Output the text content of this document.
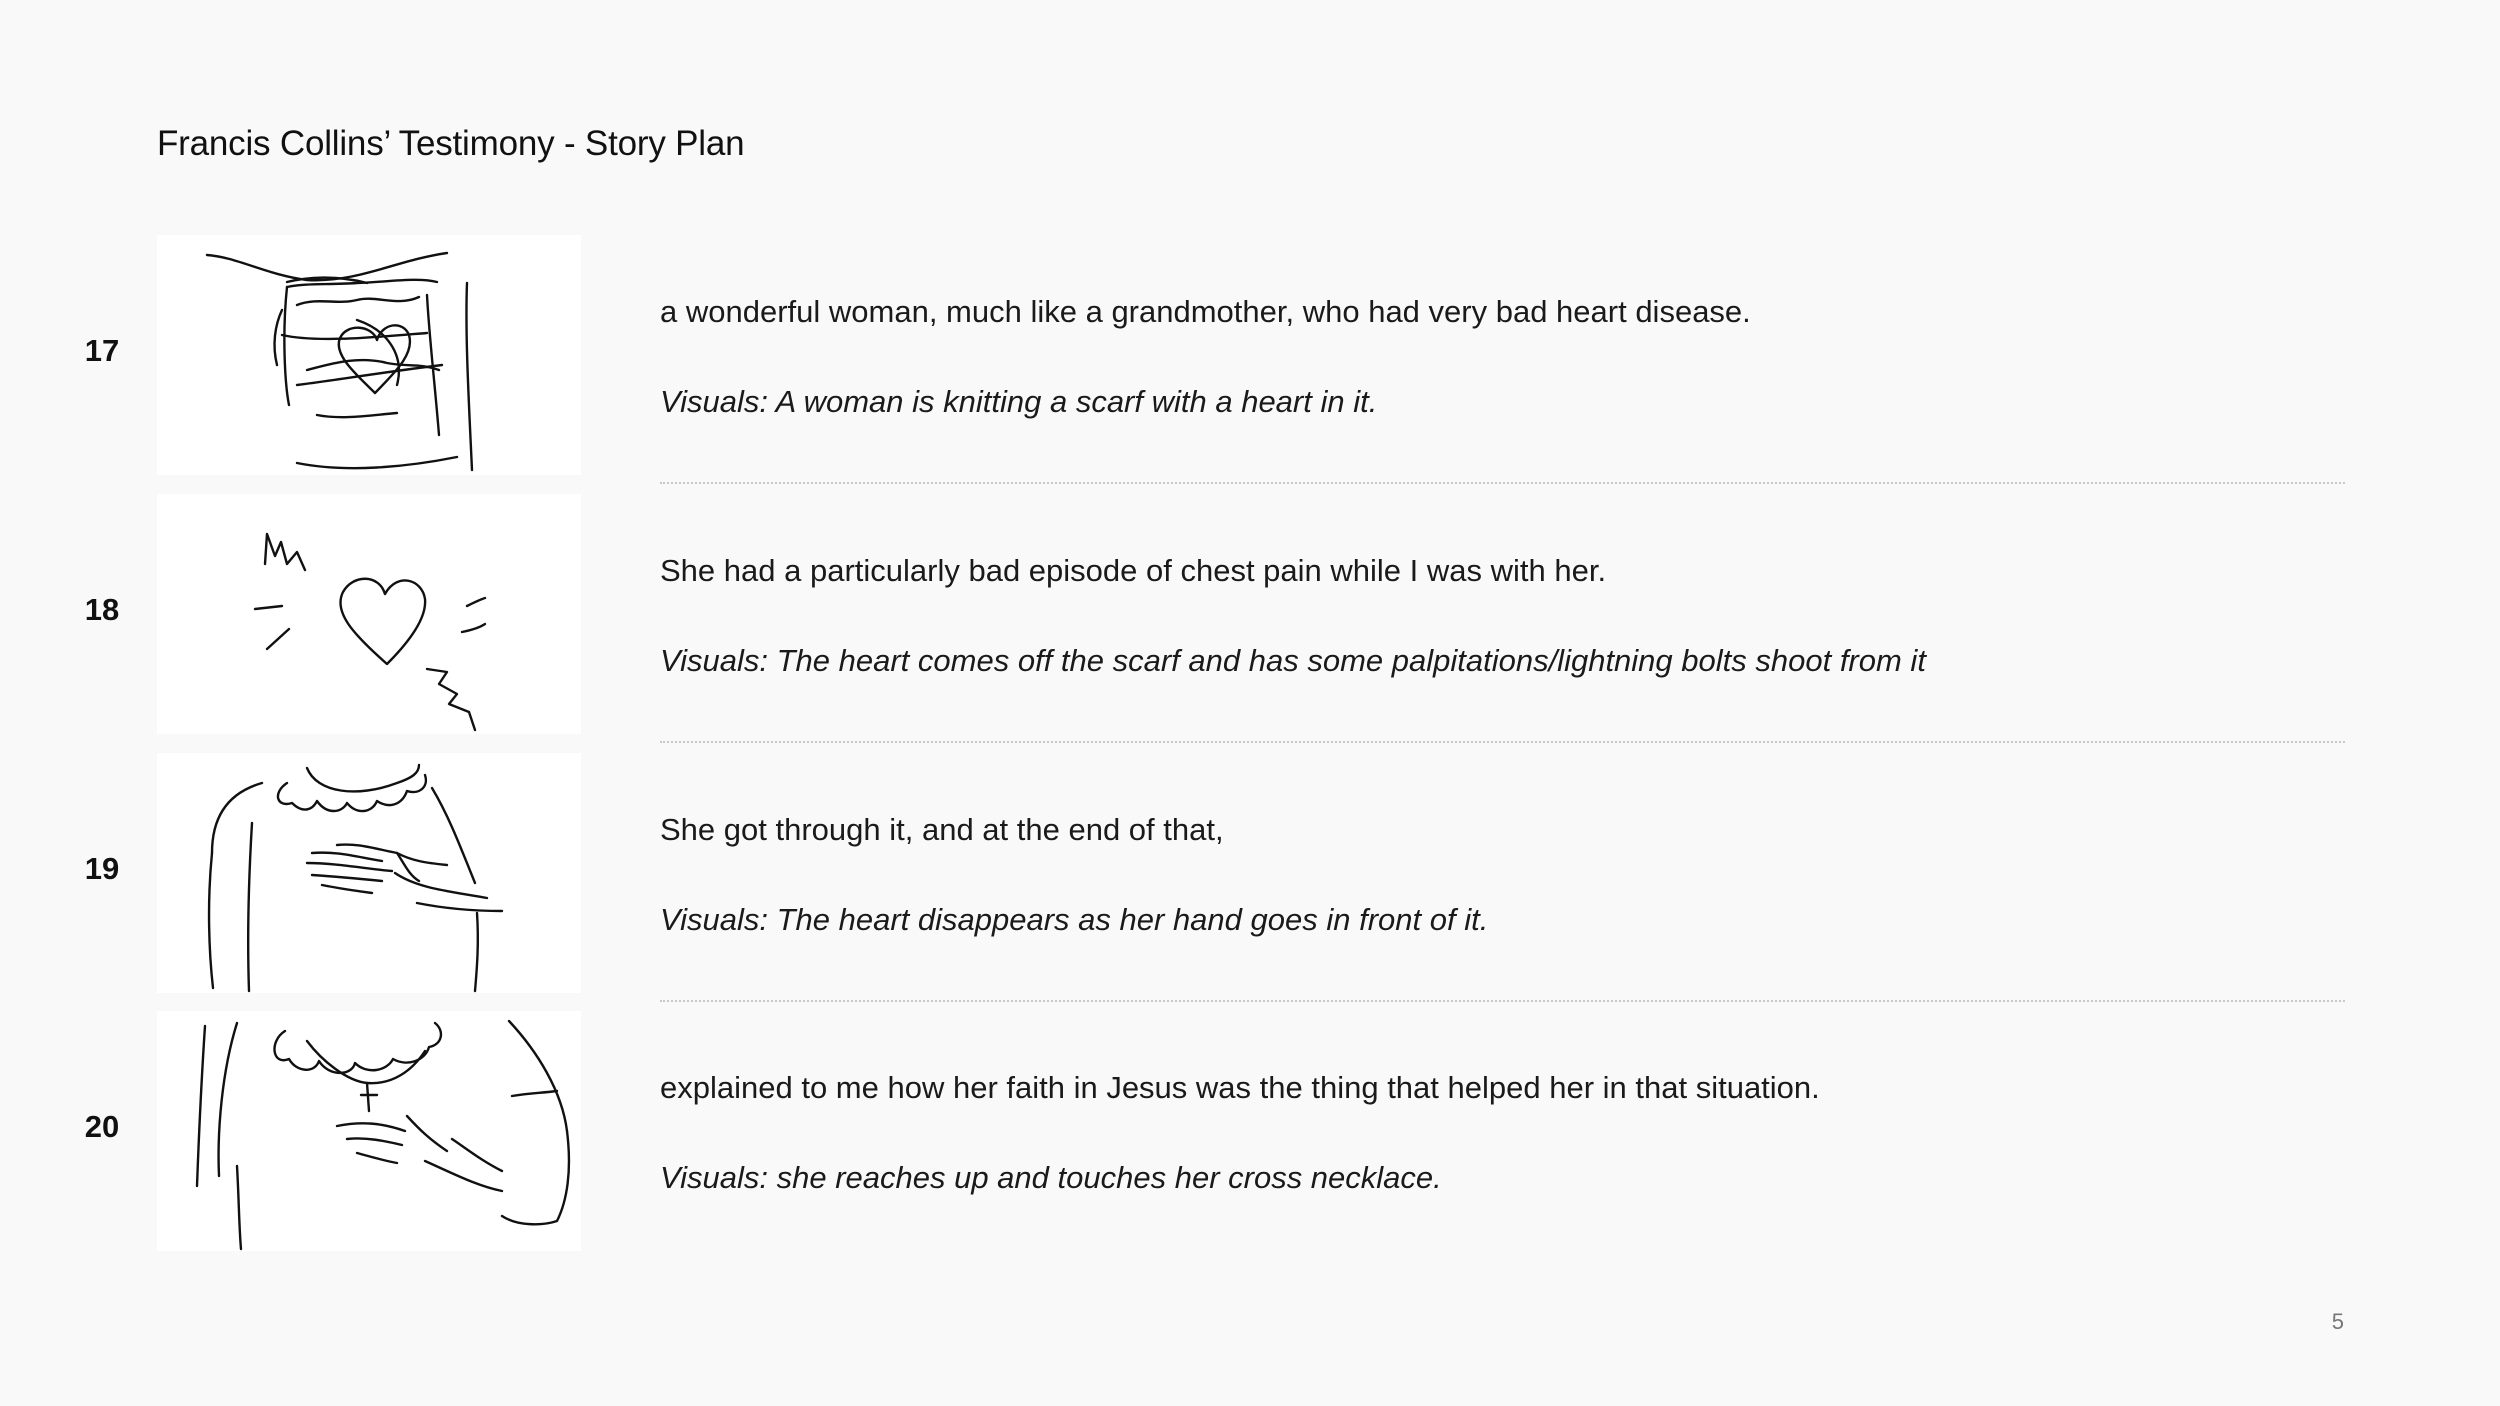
Francis Collins’ Testimony - Story Plan
17
a wonderful woman, much like a grandmother, who had very bad heart disease.
Visuals: A woman is knitting a scarf with a heart in it.
18
She had a particularly bad episode of chest pain while I was with her.
Visuals: The heart comes off the scarf and has some palpitations/lightning bolts shoot from it
19
She got through it, and at the end of that,
Visuals: The heart disappears as her hand goes in front of it.
20
explained to me how her faith in Jesus was the thing that helped her in that situation.
Visuals: she reaches up and touches her cross necklace.
5
